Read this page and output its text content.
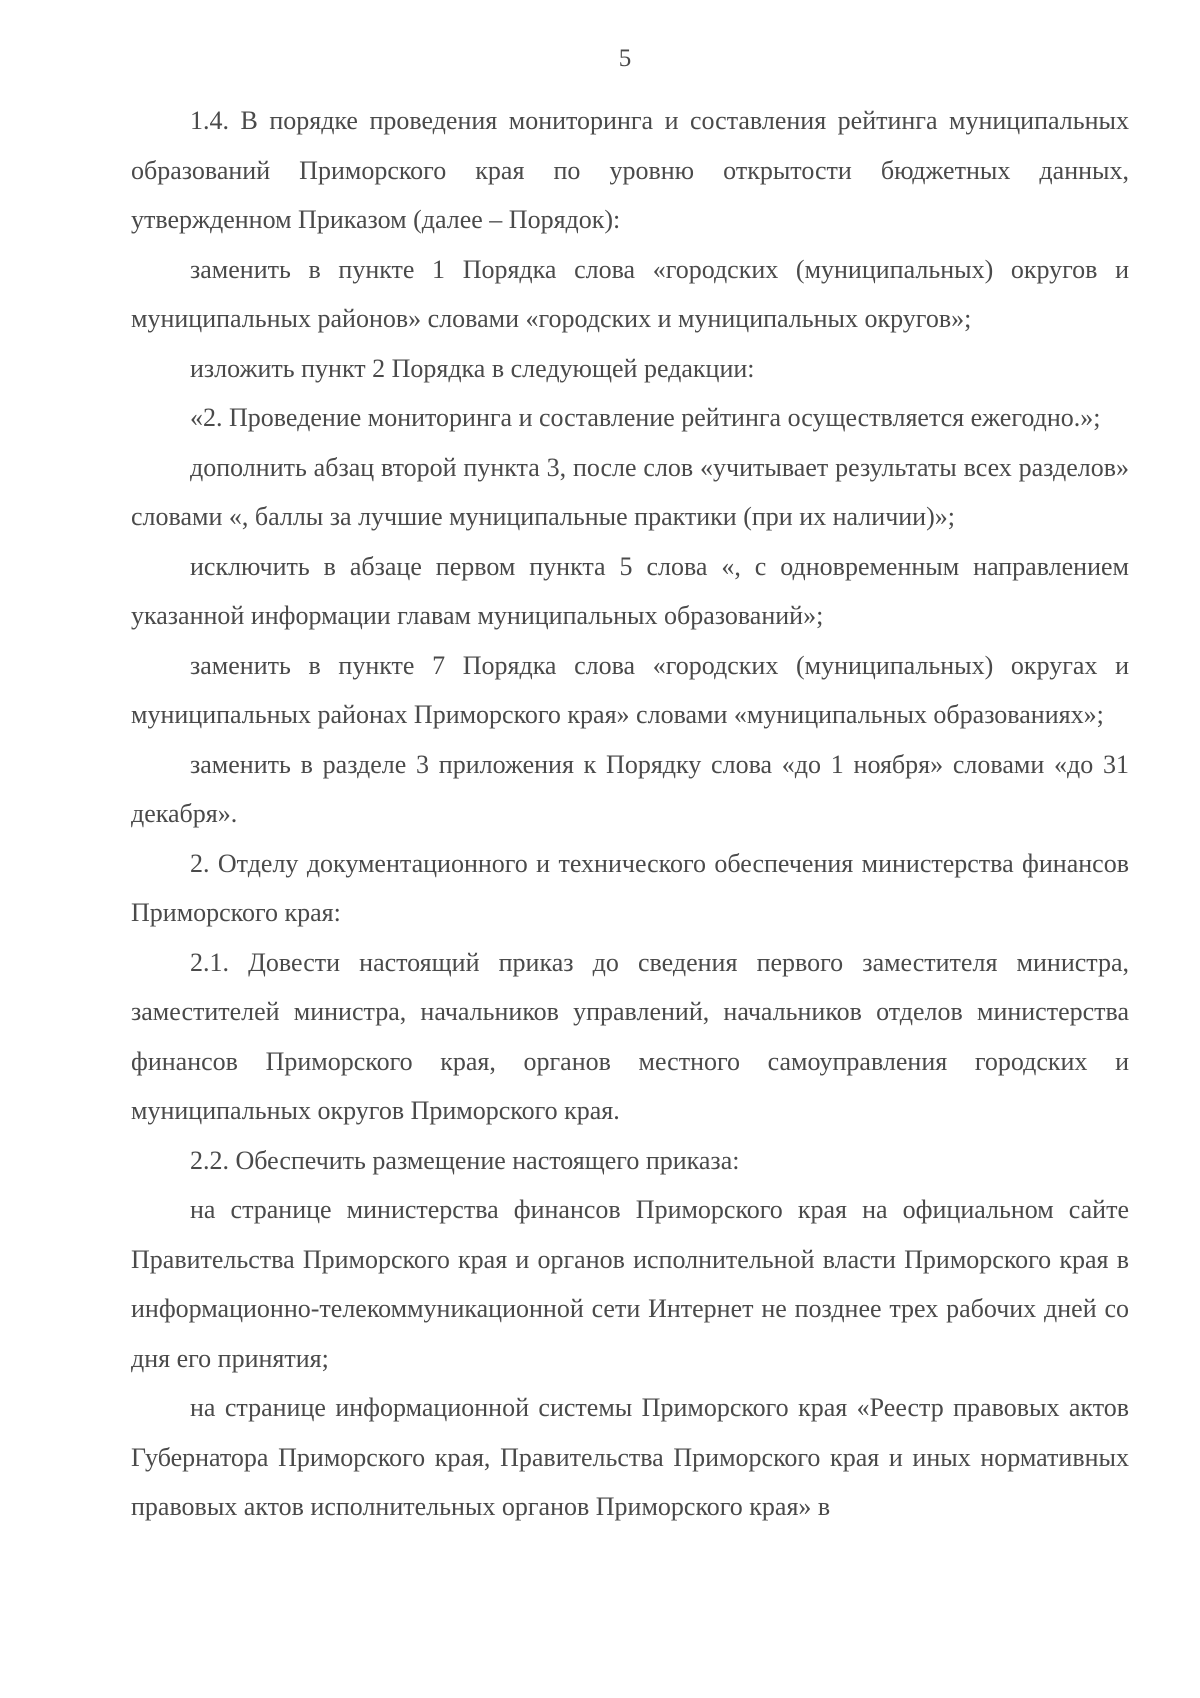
5

1.4. В порядке проведения мониторинга и составления рейтинга муниципальных образований Приморского края по уровню открытости бюджетных данных, утвержденном Приказом (далее – Порядок):

заменить в пункте 1 Порядка слова «городских (муниципальных) округов и муниципальных районов» словами «городских и муниципальных округов»;

изложить пункт 2 Порядка в следующей редакции:

«2. Проведение мониторинга и составление рейтинга осуществляется ежегодно.»;

дополнить абзац второй пункта 3, после слов «учитывает результаты всех разделов» словами «, баллы за лучшие муниципальные практики (при их наличии)»;

исключить в абзаце первом пункта 5 слова «, с одновременным направлением указанной информации главам муниципальных образований»;

заменить в пункте 7 Порядка слова «городских (муниципальных) округах и муниципальных районах Приморского края» словами «муниципальных образованиях»;

заменить в разделе 3 приложения к Порядку слова «до 1 ноября» словами «до 31 декабря».

2. Отделу документационного и технического обеспечения министерства финансов Приморского края:

2.1. Довести настоящий приказ до сведения первого заместителя министра, заместителей министра, начальников управлений, начальников отделов министерства финансов Приморского края, органов местного самоуправления городских и муниципальных округов Приморского края.

2.2. Обеспечить размещение настоящего приказа:

на странице министерства финансов Приморского края на официальном сайте Правительства Приморского края и органов исполнительной власти Приморского края в информационно-телекоммуникационной сети Интернет не позднее трех рабочих дней со дня его принятия;

на странице информационной системы Приморского края «Реестр правовых актов Губернатора Приморского края, Правительства Приморского края и иных нормативных правовых актов исполнительных органов Приморского края» в
